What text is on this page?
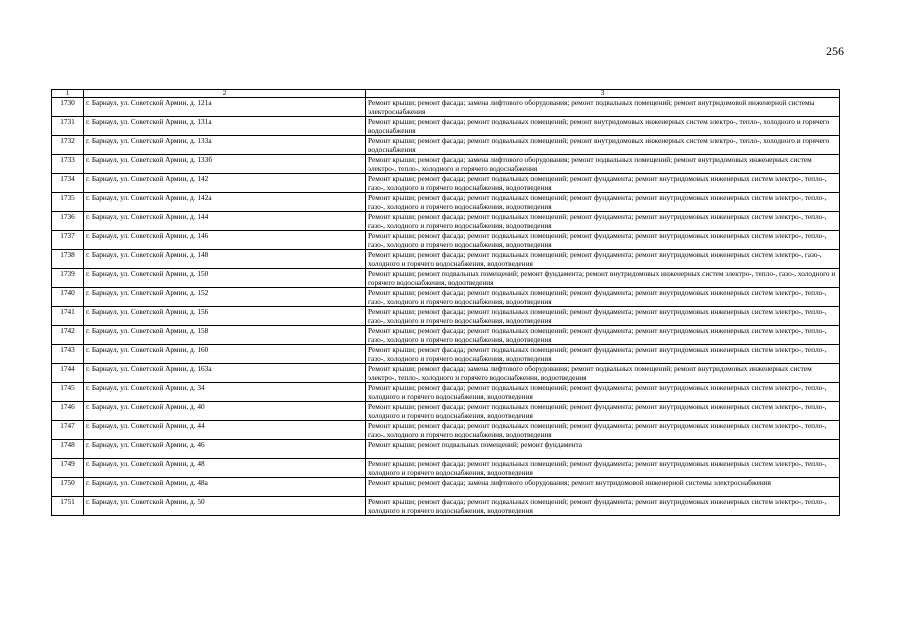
256
1	2	3
1730	г. Барнаул, ул. Советской Армии, д. 121а	Ремонт крыши; ремонт фасада; замена лифтового оборудования; ремонт подвальных помещений; ремонт внутридомовой инженерной системы электроснабжения
1731	г. Барнаул, ул. Советской Армии, д. 131а	Ремонт крыши; ремонт фасада; ремонт подвальных помещений; ремонт внутридомовых инженерных систем электро-, тепло-, холодного и горячего водоснабжения
1732	г. Барнаул, ул. Советской Армии, д. 133а	Ремонт крыши; ремонт фасада; ремонт подвальных помещений; ремонт внутридомовых инженерных систем электро-, тепло-, холодного и горячего водоснабжения
1733	г. Барнаул, ул. Советской Армии, д. 133б	Ремонт крыши; ремонт фасада; замена лифтового оборудования; ремонт подвальных помещений; ремонт внутридомовых инженерных систем электро-, тепло-, холодного и горячего водоснабжения
1734	г. Барнаул, ул. Советской Армии, д. 142	Ремонт крыши; ремонт фасада; ремонт подвальных помещений; ремонт фундамента; ремонт внутридомовых инженерных систем электро-, тепло-, газо-, холодного и горячего водоснабжения, водоотведения
1735	г. Барнаул, ул. Советской Армии, д. 142а	Ремонт крыши; ремонт фасада; ремонт подвальных помещений; ремонт фундамента; ремонт внутридомовых инженерных систем электро-, тепло-, газо-, холодного и горячего водоснабжения, водоотведения
1736	г. Барнаул, ул. Советской Армии, д. 144	Ремонт крыши; ремонт фасада; ремонт подвальных помещений; ремонт фундамента; ремонт внутридомовых инженерных систем электро-, тепло-, газо-, холодного и горячего водоснабжения, водоотведения
1737	г. Барнаул, ул. Советской Армии, д. 146	Ремонт крыши; ремонт фасада; ремонт подвальных помещений; ремонт фундамента; ремонт внутридомовых инженерных систем электро-, тепло-, газо-, холодного и горячего водоснабжения, водоотведения
1738	г. Барнаул, ул. Советской Армии, д. 148	Ремонт крыши; ремонт фасада; ремонт подвальных помещений; ремонт фундамента; ремонт внутридомовых инженерных систем электро-, газо-, холодного и горячего водоснабжения, водоотведения
1739	г. Барнаул, ул. Советской Армии, д. 150	Ремонт крыши; ремонт подвальных помещений; ремонт фундамента; ремонт внутридомовых инженерных систем электро-, тепло-, газо-, холодного и горячего водоснабжения, водоотведения
1740	г. Барнаул, ул. Советской Армии, д. 152	Ремонт крыши; ремонт фасада; ремонт подвальных помещений; ремонт фундамента; ремонт внутридомовых инженерных систем электро-, тепло-, газо-, холодного и горячего водоснабжения, водоотведения
1741	г. Барнаул, ул. Советской Армии, д. 156	Ремонт крыши; ремонт фасада; ремонт подвальных помещений; ремонт фундамента; ремонт внутридомовых инженерных систем электро-, тепло-, газо-, холодного и горячего водоснабжения, водоотведения
1742	г. Барнаул, ул. Советской Армии, д. 158	Ремонт крыши; ремонт фасада; ремонт подвальных помещений; ремонт фундамента; ремонт внутридомовых инженерных систем электро-, тепло-, газо-, холодного и горячего водоснабжения, водоотведения
1743	г. Барнаул, ул. Советской Армии, д. 160	Ремонт крыши; ремонт фасада; ремонт подвальных помещений; ремонт фундамента; ремонт внутридомовых инженерных систем электро-, тепло-, газо-, холодного и горячего водоснабжения, водоотведения
1744	г. Барнаул, ул. Советской Армии, д. 163а	Ремонт крыши; ремонт фасада; замена лифтового оборудования; ремонт подвальных помещений; ремонт внутридомовых инженерных систем электро-, тепло-, холодного и горячего водоснабжения, водоотведения
1745	г. Барнаул, ул. Советской Армии, д. 34	Ремонт крыши; ремонт фасада; ремонт подвальных помещений; ремонт фундамента; ремонт внутридомовых инженерных систем электро-, тепло-, холодного и горячего водоснабжения, водоотведения
1746	г. Барнаул, ул. Советской Армии, д. 40	Ремонт крыши; ремонт фасада; ремонт подвальных помещений; ремонт фундамента; ремонт внутридомовых инженерных систем электро-, тепло-, холодного и горячего водоснабжения, водоотведения
1747	г. Барнаул, ул. Советской Армии, д. 44	Ремонт крыши; ремонт фасада; ремонт подвальных помещений; ремонт фундамента; ремонт внутридомовых инженерных систем электро-, тепло-, газо-, холодного и горячего водоснабжения, водоотведения
1748	г. Барнаул, ул. Советской Армии, д. 46	Ремонт крыши; ремонт подвальных помещений; ремонт фундамента
1749	г. Барнаул, ул. Советской Армии, д. 48	Ремонт крыши; ремонт фасада; ремонт подвальных помещений; ремонт фундамента; ремонт внутридомовых инженерных систем электро-, тепло-, холодного и горячего водоснабжения, водоотведения
1750	г. Барнаул, ул. Советской Армии, д. 48а	Ремонт крыши; ремонт фасада; замена лифтового оборудования; ремонт внутридомовой инженерной системы электроснабжения
1751	г. Барнаул, ул. Советской Армии, д. 50	Ремонт крыши; ремонт фасада; ремонт подвальных помещений; ремонт фундамента; ремонт внутридомовых инженерных систем электро-, тепло-, холодного и горячего водоснабжения, водоотведения
